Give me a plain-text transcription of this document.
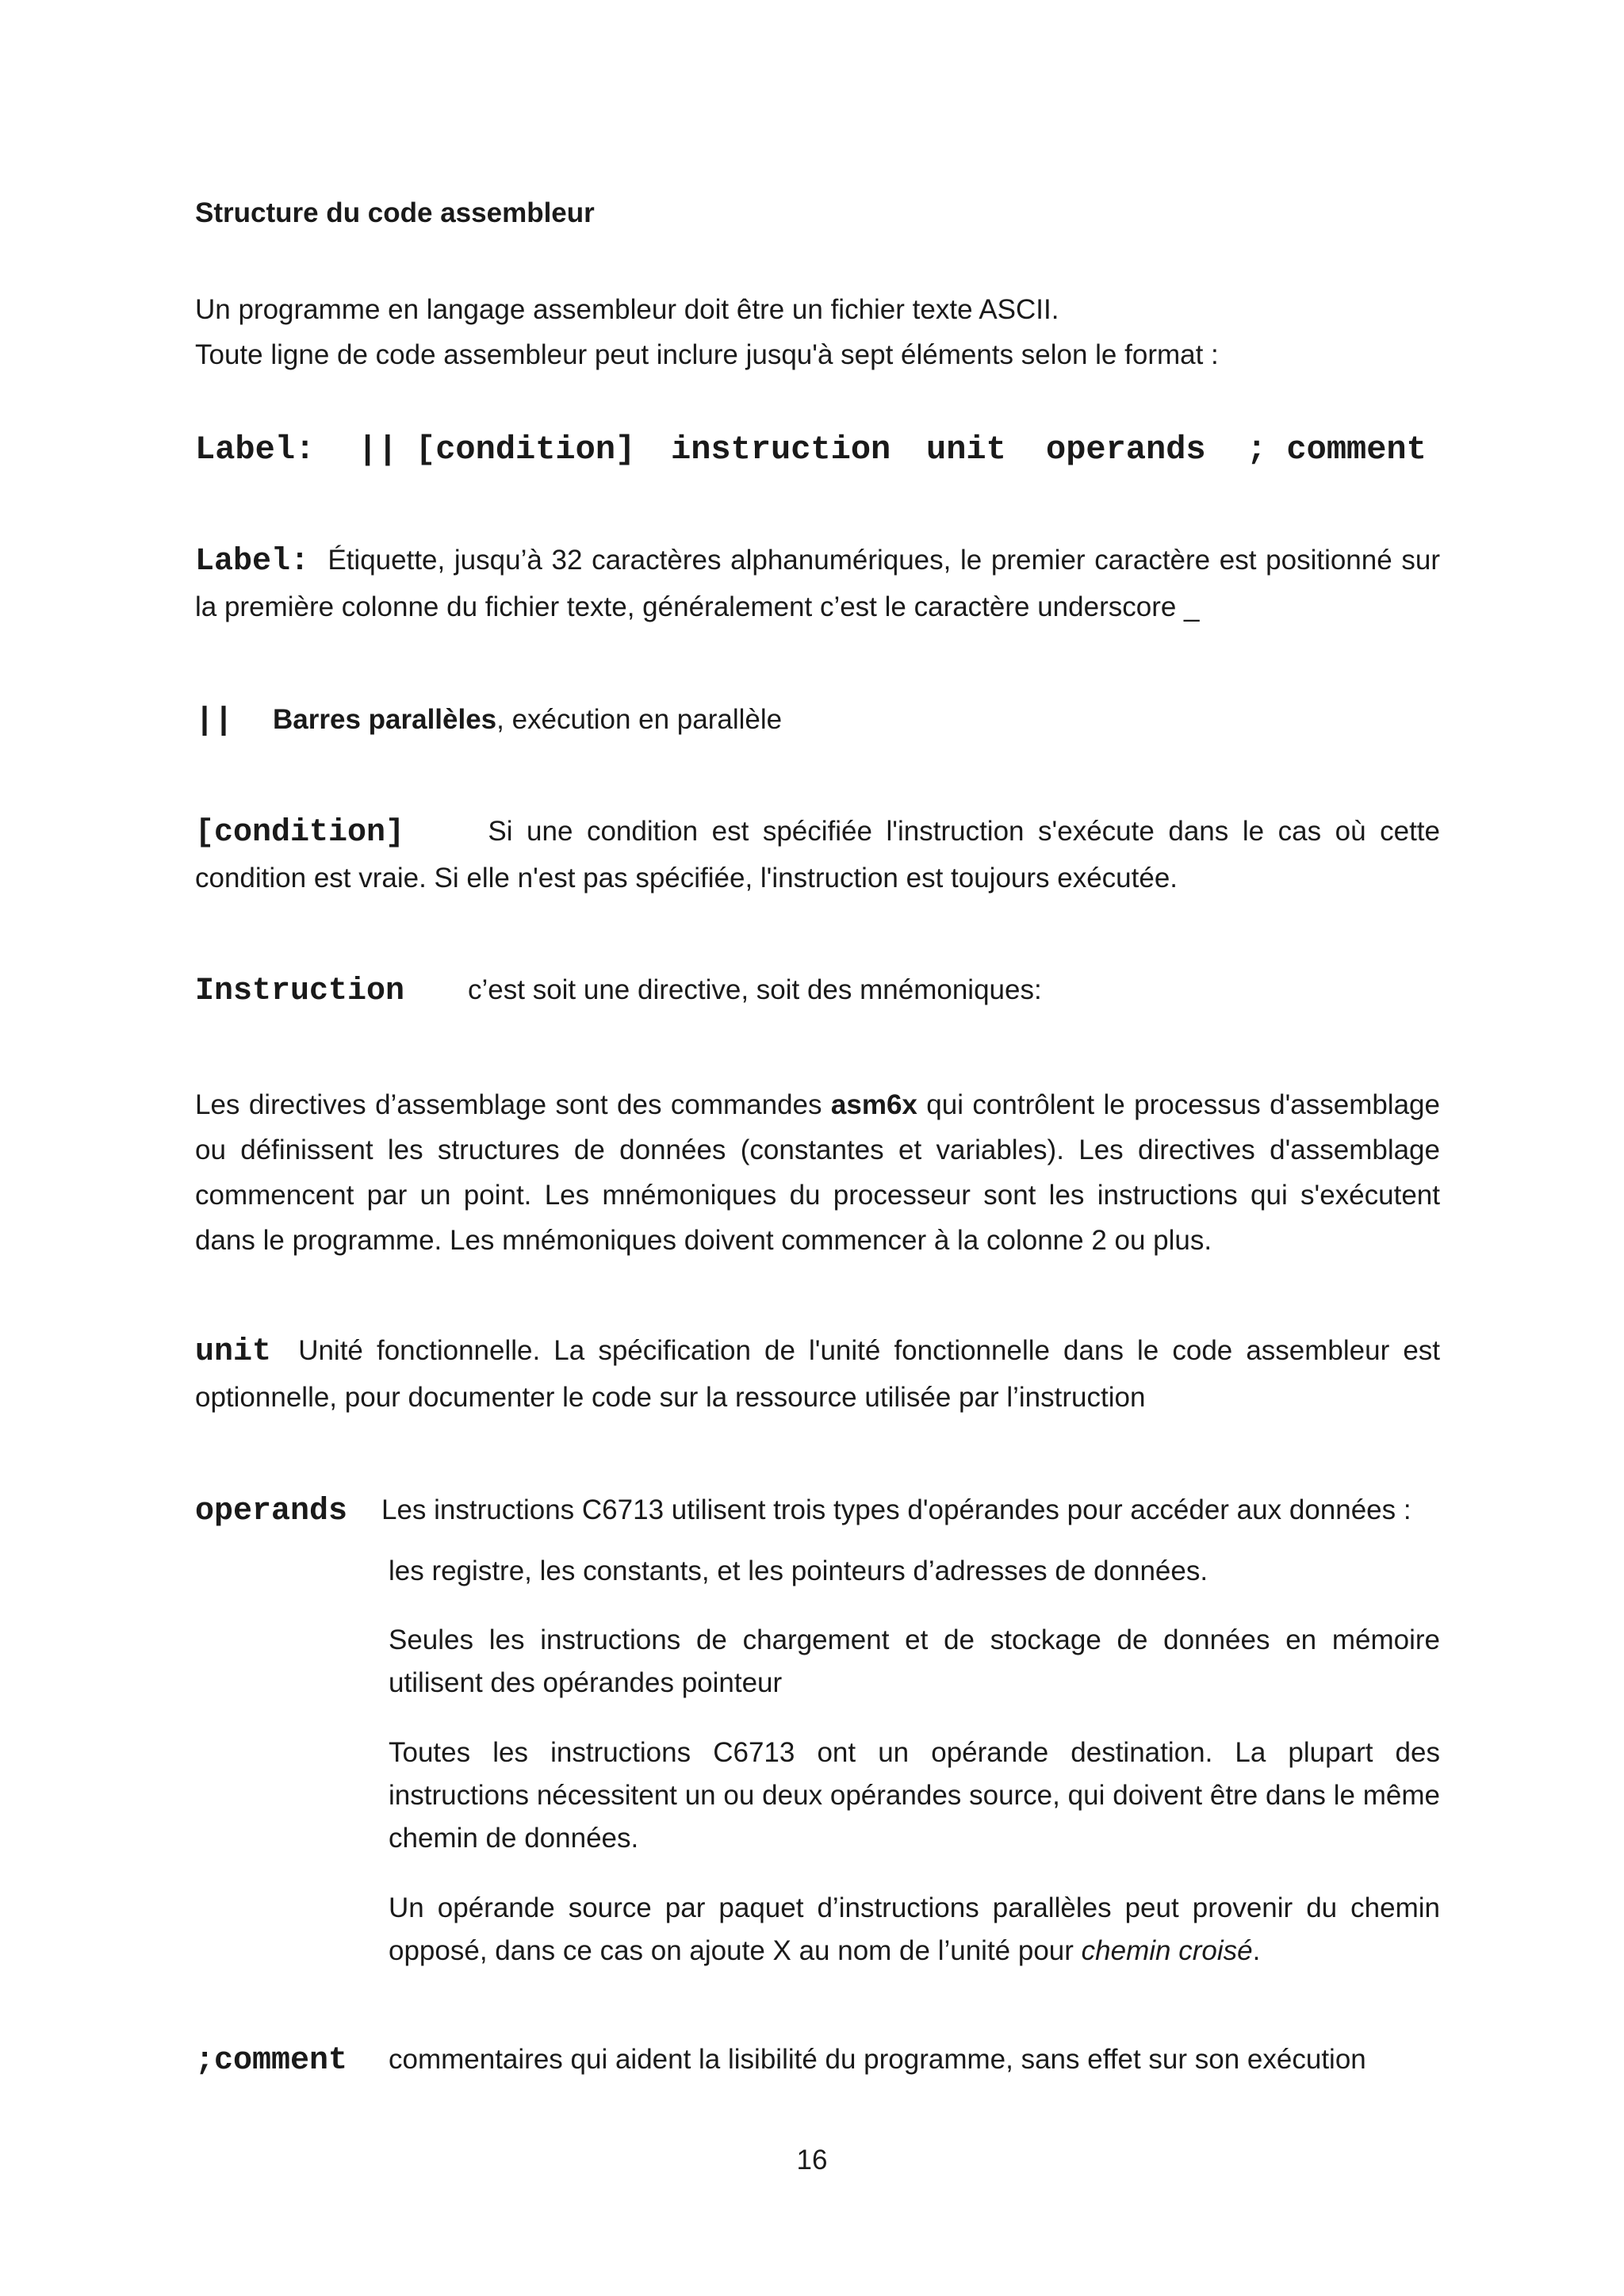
Structure du code assembleur
Un programme en langage assembleur doit être un fichier texte ASCII.
Toute ligne de code assembleur peut inclure jusqu'à sept éléments selon le format :
Label: || [condition] instruction unit operands ; comment
Label: Étiquette, jusqu’à 32 caractères alphanumériques, le premier caractère est positionné sur la première colonne du fichier texte, généralement c’est le caractère underscore _
|| Barres parallèles, exécution en parallèle
[condition]	Si une condition est spécifiée l'instruction s'exécute dans le cas où cette condition est vraie. Si elle n'est pas spécifiée, l'instruction est toujours exécutée.
Instruction c’est soit une directive, soit des mnémoniques:
Les directives d’assemblage sont des commandes asm6x qui contrôlent le processus d'assemblage ou définissent les structures de données (constantes et variables). Les directives d'assemblage commencent par un point. Les mnémoniques du processeur sont les instructions qui s'exécutent dans le programme. Les mnémoniques doivent commencer à la colonne 2 ou plus.
unit Unité fonctionnelle. La spécification de l'unité fonctionnelle dans le code assembleur est optionnelle, pour documenter le code sur la ressource utilisée par l’instruction
operands Les instructions C6713 utilisent trois types d'opérandes pour accéder aux données :
les registre, les constants, et les pointeurs d’adresses de données.
Seules les instructions de chargement et de stockage de données en mémoire utilisent des opérandes pointeur
Toutes les instructions C6713 ont un opérande destination. La plupart des instructions nécessitent un ou deux opérandes source, qui doivent être dans le même chemin de données.
Un opérande source par paquet d’instructions parallèles peut provenir du chemin opposé, dans ce cas on ajoute X au nom de l’unité pour chemin croisé.
;comment commentaires qui aident la lisibilité du programme, sans effet sur son exécution
16
